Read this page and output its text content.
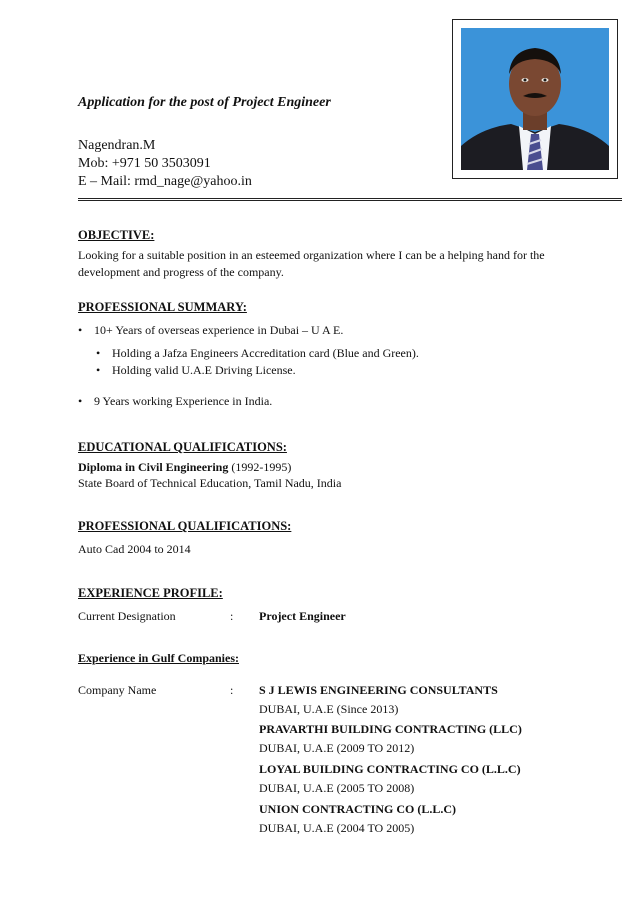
Application for the post of Project Engineer
Nagendran.M
Mob: +971 50 3503091
E – Mail: rmd_nage@yahoo.in
OBJECTIVE:
Looking for a suitable position in an esteemed organization where I can be a helping hand for the
development and progress of the company.
PROFESSIONAL SUMMARY:
• 10+ Years of overseas experience in Dubai – U A E.
• Holding a Jafza Engineers Accreditation card (Blue and Green).
• Holding valid U.A.E Driving License.
• 9 Years working Experience in India.
EDUCATIONAL QUALIFICATIONS:
Diploma in Civil Engineering (1992-1995)
State Board of Technical Education, Tamil Nadu, India
PROFESSIONAL QUALIFICATIONS:
Auto Cad 2004 to 2014
EXPERIENCE PROFILE:
Current Designation	: Project Engineer
Experience in Gulf Companies:
Company Name	: S J LEWIS ENGINEERING CONSULTANTS
DUBAI, U.A.E (Since 2013)
PRAVARTHI BUILDING CONTRACTING (LLC)
DUBAI, U.A.E (2009 TO 2012)
LOYAL BUILDING CONTRACTING CO (L.L.C)
DUBAI, U.A.E (2005 TO 2008)
UNION CONTRACTING CO (L.L.C)
DUBAI, U.A.E (2004 TO 2005)
